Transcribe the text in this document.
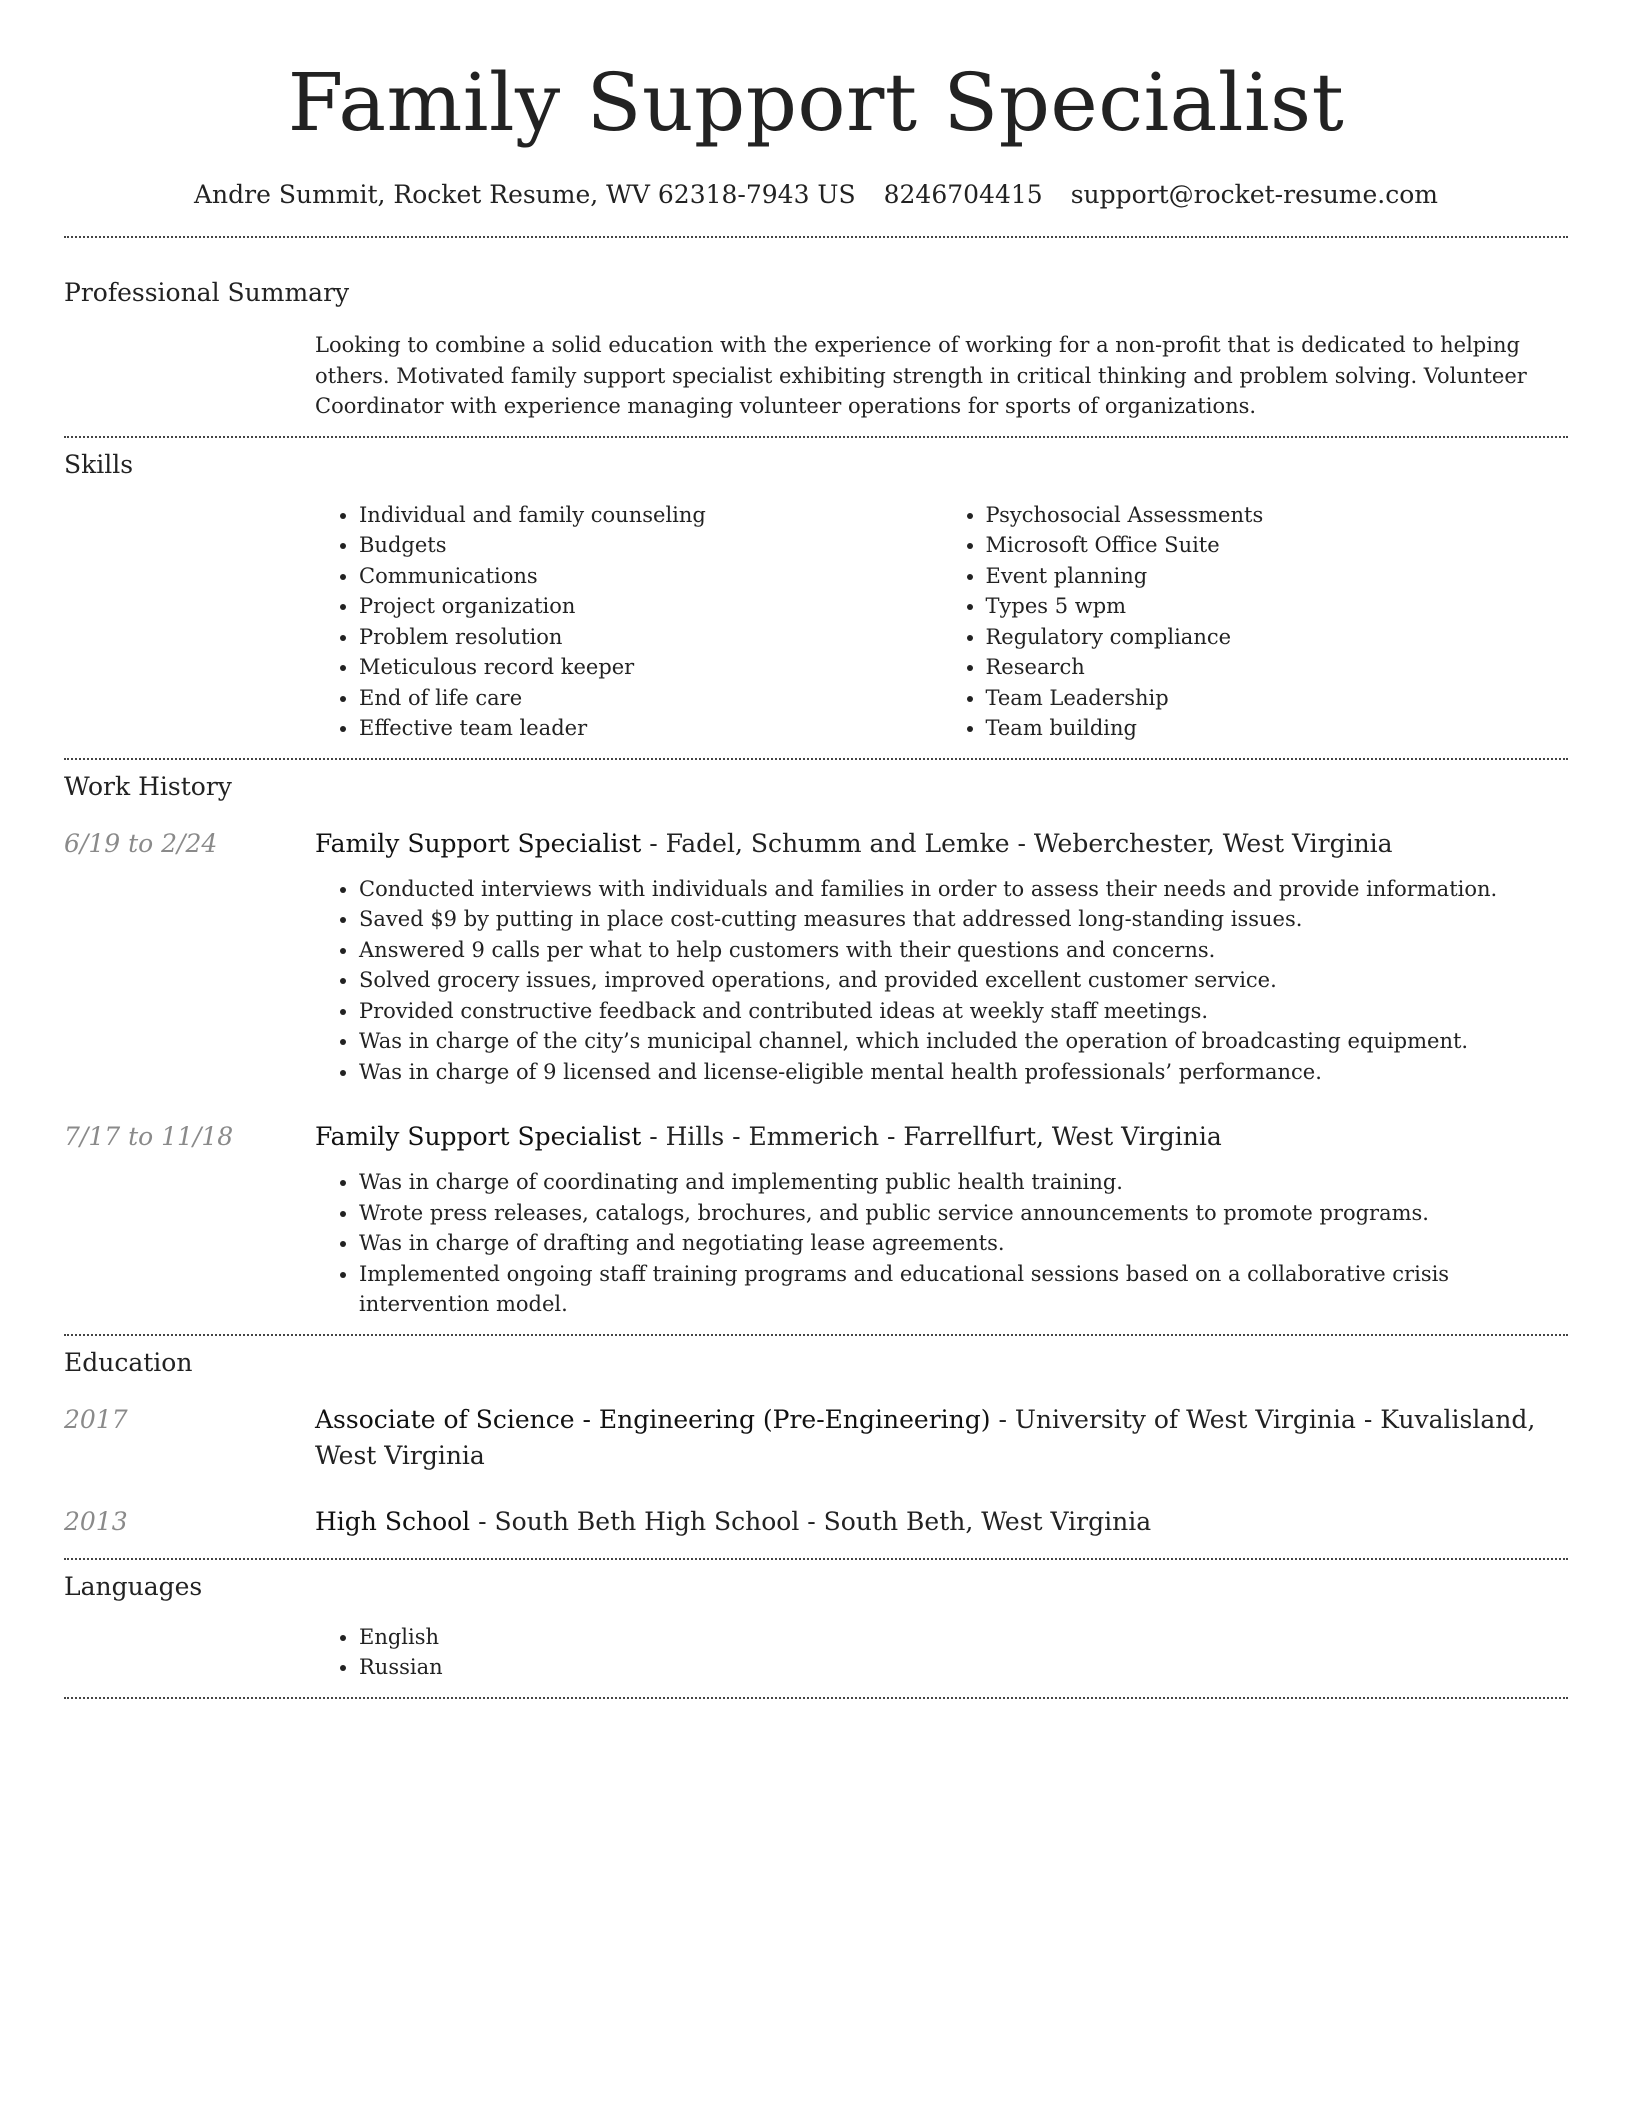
Family Support Specialist
Andre Summit, Rocket Resume, WV 62318-7943 US 8246704415 support@rocket-resume.com
Professional Summary
Looking to combine a solid education with the experience of working for a non-profit that is dedicated to helping others. Motivated family support specialist exhibiting strength in critical thinking and problem solving. Volunteer Coordinator with experience managing volunteer operations for sports of organizations.
Skills
• Individual and family counseling
• Budgets
• Communications
• Project organization
• Problem resolution
• Meticulous record keeper
• End of life care
• Effective team leader
• Psychosocial Assessments
• Microsoft Office Suite
• Event planning
• Types 5 wpm
• Regulatory compliance
• Research
• Team Leadership
• Team building
Work History
6/19 to 2/24	Family Support Specialist - Fadel, Schumm and Lemke - Weberchester, West Virginia
• Conducted interviews with individuals and families in order to assess their needs and provide information.
• Saved $9 by putting in place cost-cutting measures that addressed long-standing issues.
• Answered 9 calls per what to help customers with their questions and concerns.
• Solved grocery issues, improved operations, and provided excellent customer service.
• Provided constructive feedback and contributed ideas at weekly staff meetings.
• Was in charge of the city’s municipal channel, which included the operation of broadcasting equipment.
• Was in charge of 9 licensed and license-eligible mental health professionals’ performance.
7/17 to 11/18	Family Support Specialist - Hills - Emmerich - Farrellfurt, West Virginia
• Was in charge of coordinating and implementing public health training.
• Wrote press releases, catalogs, brochures, and public service announcements to promote programs.
• Was in charge of drafting and negotiating lease agreements.
• Implemented ongoing staff training programs and educational sessions based on a collaborative crisis intervention model.
Education
2017	Associate of Science - Engineering (Pre-Engineering) - University of West Virginia - Kuvalisland, West Virginia
2013	High School - South Beth High School - South Beth, West Virginia
Languages
• English
• Russian
